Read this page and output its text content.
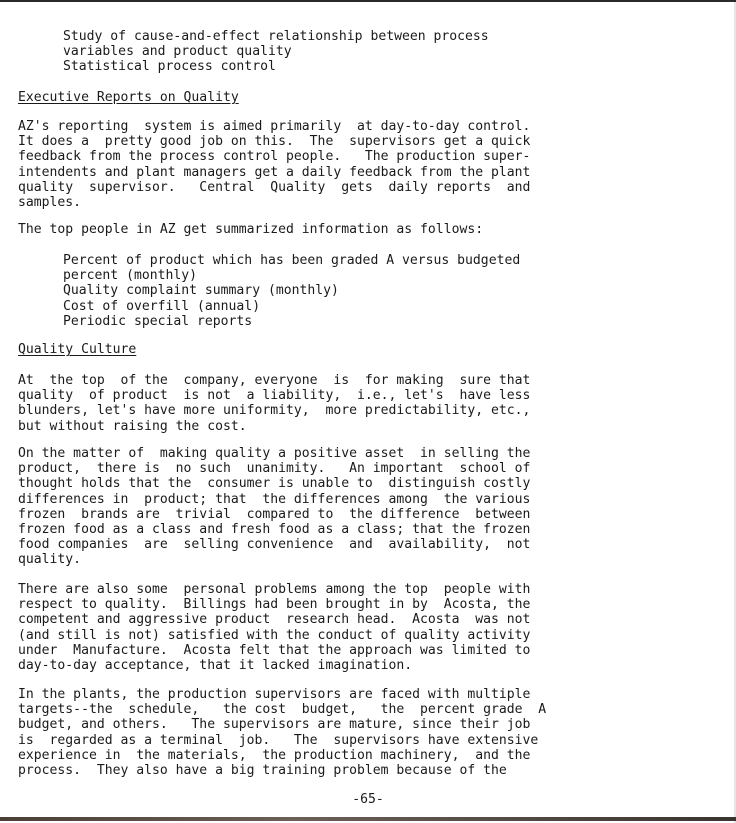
Study of cause-and-effect relationship between process
variables and product quality
Statistical process control
Executive Reports on Quality
AZ's reporting  system is aimed primarily  at day-to-day control.
It does a  pretty good job on this.  The  supervisors get a quick
feedback from the process control people.   The production super-
intendents and plant managers get a daily feedback from the plant
quality  supervisor.   Central  Quality  gets  daily reports  and
samples.
The top people in AZ get summarized information as follows:
Percent of product which has been graded A versus budgeted
percent (monthly)
Quality complaint summary (monthly)
Cost of overfill (annual)
Periodic special reports
Quality Culture
At  the top  of the  company, everyone  is  for making  sure that
quality  of product  is not  a liability,  i.e., let's  have less
blunders, let's have more uniformity,  more predictability, etc.,
but without raising the cost.
On the matter of  making quality a positive asset  in selling the
product,  there is  no such  unanimity.   An important  school of
thought holds that the  consumer is unable to  distinguish costly
differences in  product; that  the differences among  the various
frozen  brands are  trivial  compared to  the difference  between
frozen food as a class and fresh food as a class; that the frozen
food companies  are  selling convenience  and  availability,  not
quality.
There are also some  personal problems among the top  people with
respect to quality.  Billings had been brought in by  Acosta, the
competent and aggressive product  research head.  Acosta  was not
(and still is not) satisfied with the conduct of quality activity
under  Manufacture.  Acosta felt that the approach was limited to
day-to-day acceptance, that it lacked imagination.
In the plants, the production supervisors are faced with multiple
targets--the  schedule,   the cost  budget,   the  percent grade  A
budget, and others.   The supervisors are mature, since their job
is  regarded as a terminal  job.   The  supervisors have extensive
experience in  the materials,  the production machinery,  and the
process.  They also have a big training problem because of the
-65-
